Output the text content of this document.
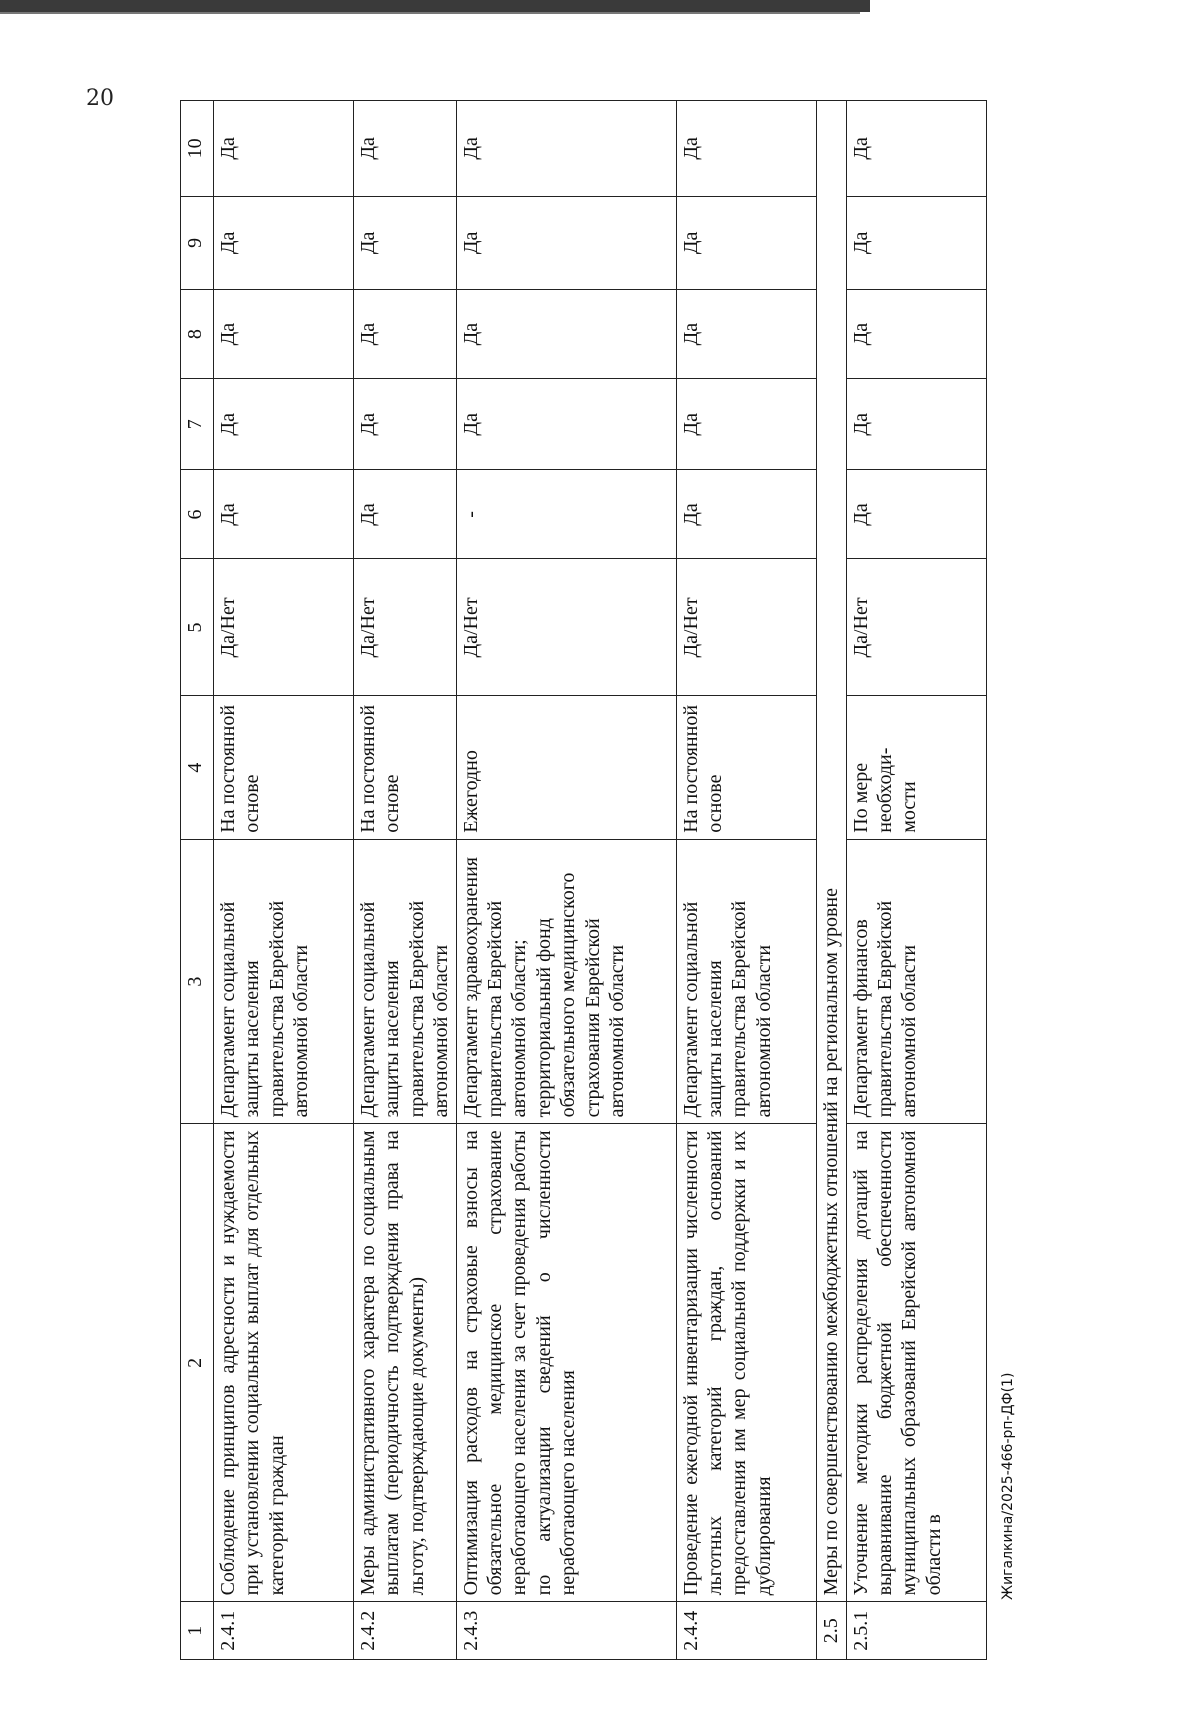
20
Жигалкина/2025-466-рп-ДФ(1)
1	2	3	4	5	6	7	8	9	10
2.4.1	Соблюдение принципов адресности и нуждаемости при установлении социальных выплат для отдельных категорий граждан	Департамент социальной защиты населения правительства Еврейской автономной области	На постоянной основе	Да/Нет	Да	Да	Да	Да	Да
2.4.2	Меры административного характера по социальным выплатам (периодичность подтверждения права на льготу, подтверждающие документы)	Департамент социальной защиты населения правительства Еврейской автономной области	На постоянной основе	Да/Нет	Да	Да	Да	Да	Да
2.4.3	Оптимизация расходов на страховые взносы на обязательное медицинское страхование неработающего населения за счет проведения работы по актуализации сведений о численности неработающего населения	Департамент здравоохранения правительства Еврейской автономной области; территориальный фонд обязательного медицинского страхования Еврейской автономной области	Ежегодно	Да/Нет	-	Да	Да	Да	Да
2.4.4	Проведение ежегодной инвентаризации численности льготных категорий граждан, оснований предоставления им мер социальной поддержки и их дублирования	Департамент социальной защиты населения правительства Еврейской автономной области	На постоянной основе	Да/Нет	Да	Да	Да	Да	Да
2.5	Меры по совершенствованию межбюджетных отношений на региональном уровне								
2.5.1	Уточнение методики распределения дотаций на выравнивание бюджетной обеспеченности муниципальных образований Еврейской автономной области в	Департамент финансов правительства Еврейской автономной области	По мере необходи-мости	Да/Нет	Да	Да	Да	Да	Да
